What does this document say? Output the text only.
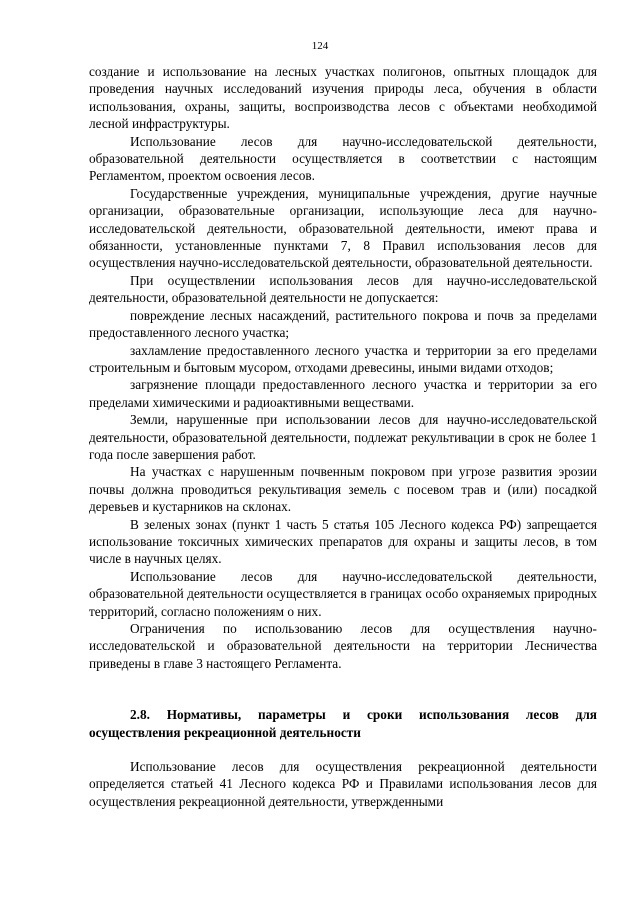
124

создание и использование на лесных участках полигонов, опытных площадок для проведения научных исследований изучения природы леса, обучения в области использования, охраны, защиты, воспроизводства лесов с объектами необходимой лесной инфраструктуры.

Использование лесов для научно-исследовательской деятельности, образовательной деятельности осуществляется в соответствии с настоящим Регламентом, проектом освоения лесов.

Государственные учреждения, муниципальные учреждения, другие научные организации, образовательные организации, использующие леса для научно-исследовательской деятельности, образовательной деятельности, имеют права и обязанности, установленные пунктами 7, 8 Правил использования лесов для осуществления научно-исследовательской деятельности, образовательной деятельности.

При осуществлении использования лесов для научно-исследовательской деятельности, образовательной деятельности не допускается:

повреждение лесных насаждений, растительного покрова и почв за пределами предоставленного лесного участка;

захламление предоставленного лесного участка и территории за его пределами строительным и бытовым мусором, отходами древесины, иными видами отходов;

загрязнение площади предоставленного лесного участка и территории за его пределами химическими и радиоактивными веществами.

Земли, нарушенные при использовании лесов для научно-исследовательской деятельности, образовательной деятельности, подлежат рекультивации в срок не более 1 года после завершения работ.

На участках с нарушенным почвенным покровом при угрозе развития эрозии почвы должна проводиться рекультивация земель с посевом трав и (или) посадкой деревьев и кустарников на склонах.

В зеленых зонах (пункт 1 часть 5 статья 105 Лесного кодекса РФ) запрещается использование токсичных химических препаратов для охраны и защиты лесов, в том числе в научных целях.

Использование лесов для научно-исследовательской деятельности, образовательной деятельности осуществляется в границах особо охраняемых природных территорий, согласно положениям о них.

Ограничения по использованию лесов для осуществления научно-исследовательской и образовательной деятельности на территории Лесничества приведены в главе 3 настоящего Регламента.

2.8. Нормативы, параметры и сроки использования лесов для осуществления рекреационной деятельности

Использование лесов для осуществления рекреационной деятельности определяется статьей 41 Лесного кодекса РФ и Правилами использования лесов для осуществления рекреационной деятельности, утвержденными
